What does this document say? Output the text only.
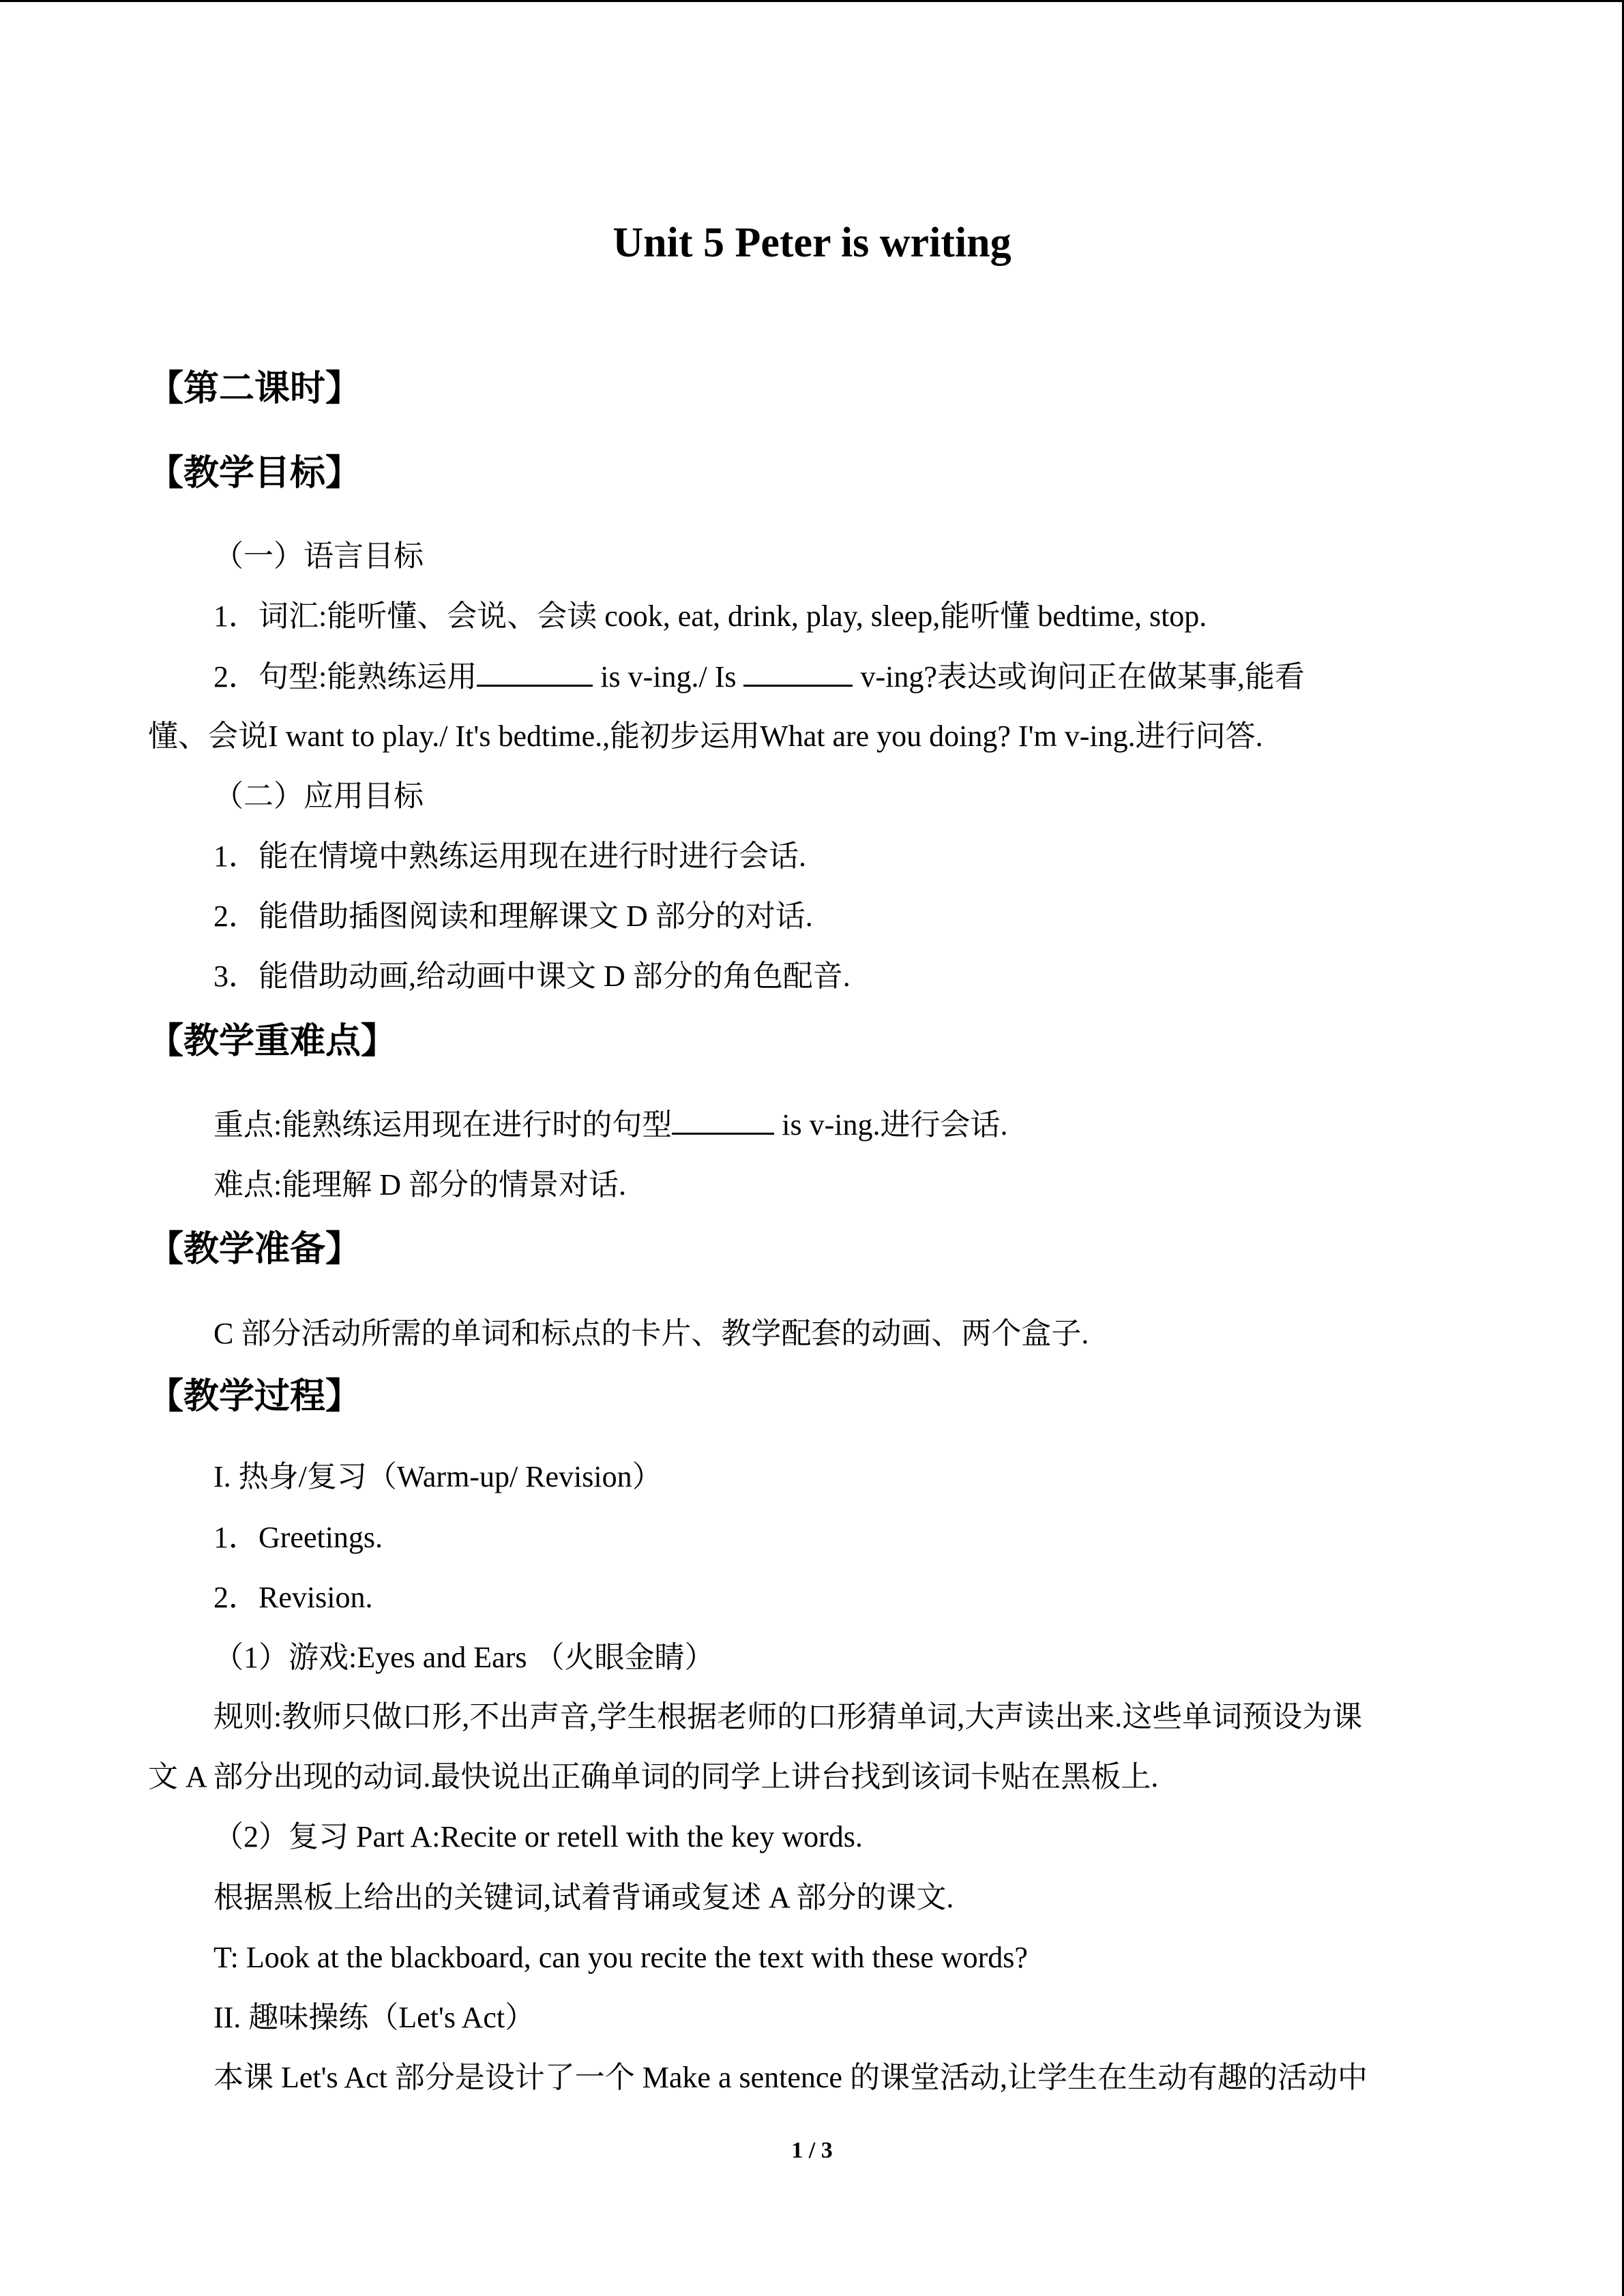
Unit 5 Peter is writing
【第二课时】
【教学目标】
（一）语言目标
1．词汇:能听懂、会说、会读 cook, eat, drink, play, sleep,能听懂 bedtime, stop.
2．句型:能熟练运用	is v-ing./ Is	v-ing?表达或询问正在做某事,能看
懂、会说I want to play./ It's bedtime.,能初步运用What are you doing? I'm v-ing.进行问答.
（二）应用目标
1．能在情境中熟练运用现在进行时进行会话.
2．能借助插图阅读和理解课文 D 部分的对话.
3．能借助动画,给动画中课文 D 部分的角色配音.
【教学重难点】
重点:能熟练运用现在进行时的句型	is v-ing.进行会话.
难点:能理解 D 部分的情景对话.
【教学准备】
C 部分活动所需的单词和标点的卡片、教学配套的动画、两个盒子.
【教学过程】
I. 热身/复习（Warm-up/ Revision）
1．Greetings.
2．Revision.
（1）游戏:Eyes and Ears （火眼金睛）
规则:教师只做口形,不出声音,学生根据老师的口形猜单词,大声读出来.这些单词预设为课
文 A 部分出现的动词.最快说出正确单词的同学上讲台找到该词卡贴在黑板上.
（2）复习 Part A:Recite or retell with the key words.
根据黑板上给出的关键词,试着背诵或复述 A 部分的课文.
T: Look at the blackboard, can you recite the text with these words?
II. 趣味操练（Let's Act）
本课 Let's Act 部分是设计了一个 Make a sentence 的课堂活动,让学生在生动有趣的活动中
1 / 3
